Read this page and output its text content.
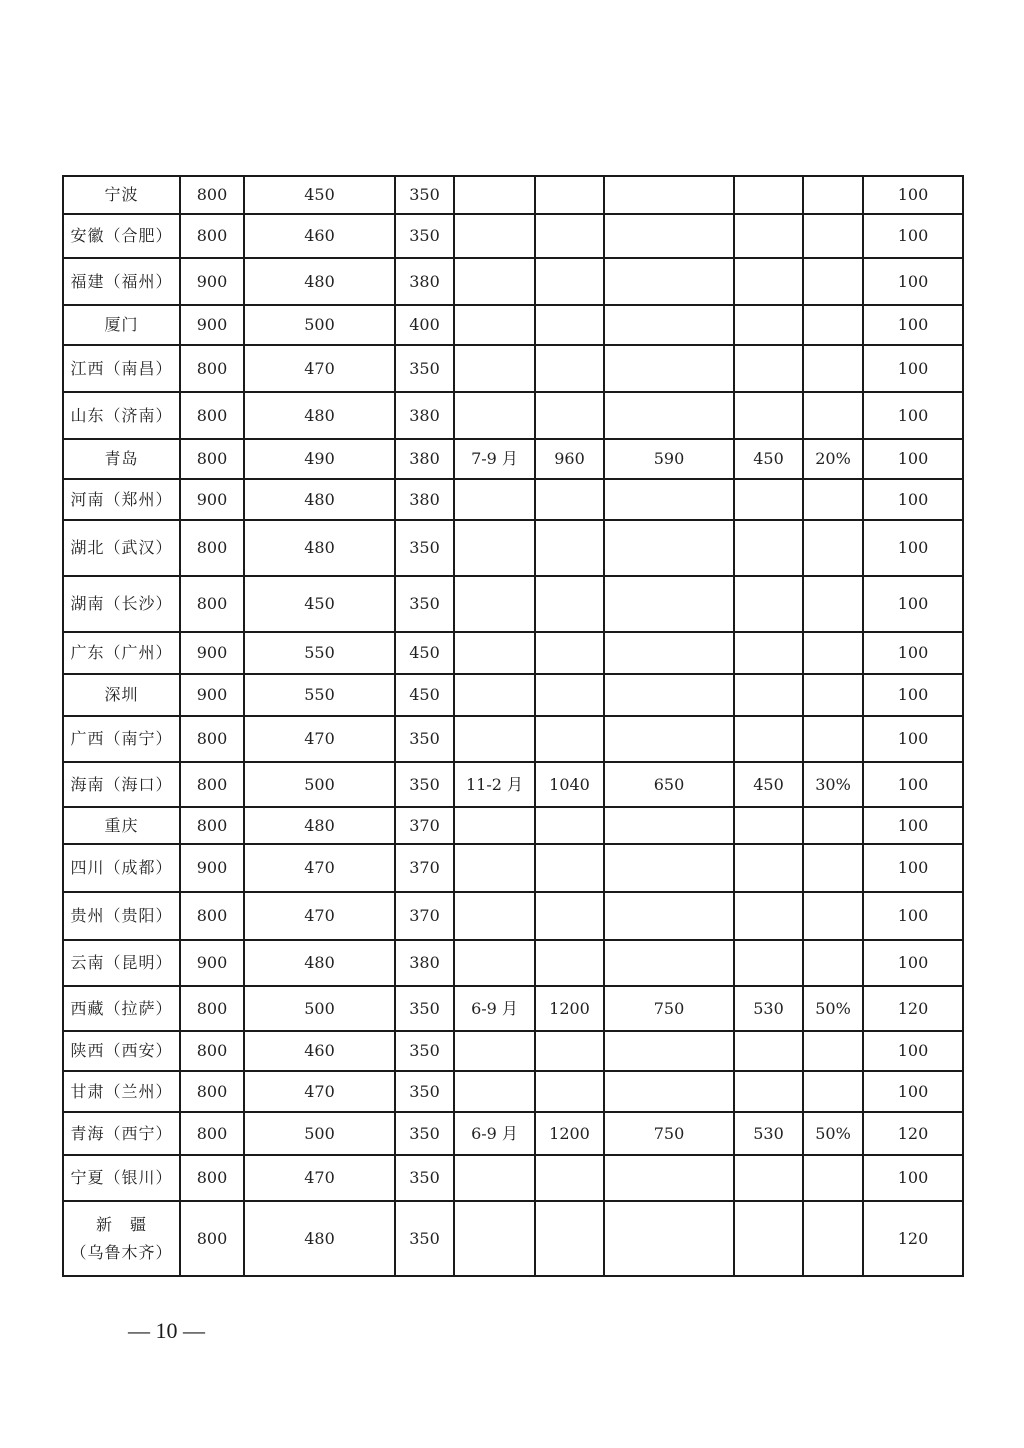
宁波	800	450	350						100

安徽（合肥）	800	460	350						100

福建（福州）	900	480	380						100

厦门	900	500	400						100

江西（南昌）	800	470	350						100

山东（济南）	800	480	380						100

青岛	800	490	380	7-9 月	960	590	450	20%	100

河南（郑州）	900	480	380						100

湖北（武汉）	800	480	350						100

湖南（长沙）	800	450	350						100

广东（广州）	900	550	450						100

深圳	900	550	450						100

广西（南宁）	800	470	350						100

海南（海口）	800	500	350	11-2 月	1040	650	450	30%	100

重庆	800	480	370						100

四川（成都）	900	470	370						100

贵州（贵阳）	800	470	370						100

云南（昆明）	900	480	380						100

西藏（拉萨）	800	500	350	6-9 月	1200	750	530	50%	120

陕西（西安）	800	460	350						100

甘肃（兰州）	800	470	350						100

青海（西宁）	800	500	350	6-9 月	1200	750	530	50%	120

宁夏（银川）	800	470	350						100

新　疆
（乌鲁木齐）	800	480	350						120
— 10 —
